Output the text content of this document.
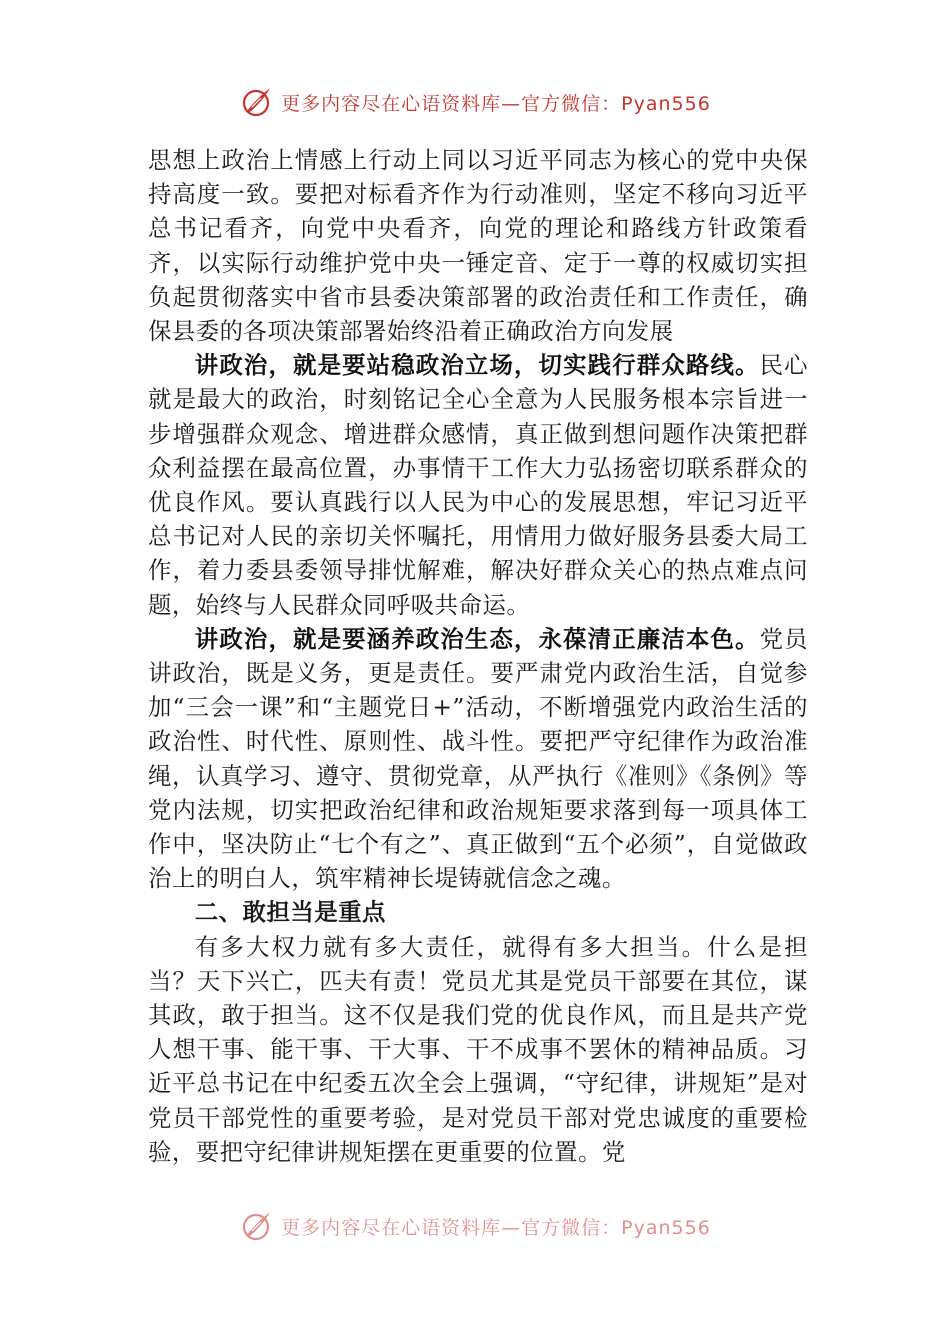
更多内容尽在心语资料库—官方微信：Pyan556

思想上政治上情感上行动上同以习近平同志为核心的党中央保持高度一致。要把对标看齐作为行动准则，坚定不移向习近平总书记看齐，向党中央看齐，向党的理论和路线方针政策看齐，以实际行动维护党中央一锤定音、定于一尊的权威切实担负起贯彻落实中省市县委决策部署的政治责任和工作责任，确保县委的各项决策部署始终沿着正确政治方向发展

讲政治，就是要站稳政治立场，切实践行群众路线。民心就是最大的政治，时刻铭记全心全意为人民服务根本宗旨进一步增强群众观念、增进群众感情，真正做到想问题作决策把群众利益摆在最高位置，办事情干工作大力弘扬密切联系群众的优良作风。要认真践行以人民为中心的发展思想，牢记习近平总书记对人民的亲切关怀嘱托，用情用力做好服务县委大局工作，着力委县委领导排忧解难，解决好群众关心的热点难点问题，始终与人民群众同呼吸共命运。

讲政治，就是要涵养政治生态，永葆清正廉洁本色。党员讲政治，既是义务，更是责任。要严肃党内政治生活，自觉参加“三会一课”和“主题党日+”活动，不断增强党内政治生活的政治性、时代性、原则性、战斗性。要把严守纪律作为政治准绳，认真学习、遵守、贯彻党章，从严执行《准则》《条例》等党内法规，切实把政治纪律和政治规矩要求落到每一项具体工作中，坚决防止“七个有之”、真正做到“五个必须”，自觉做政治上的明白人，筑牢精神长堤铸就信念之魂。

二、敢担当是重点

有多大权力就有多大责任，就得有多大担当。什么是担当？天下兴亡，匹夫有责！党员尤其是党员干部要在其位，谋其政，敢于担当。这不仅是我们党的优良作风，而且是共产党人想干事、能干事、干大事、干不成事不罢休的精神品质。习近平总书记在中纪委五次全会上强调，“守纪律，讲规矩”是对党员干部党性的重要考验，是对党员干部对党忠诚度的重要检验，要把守纪律讲规矩摆在更重要的位置。党

更多内容尽在心语资料库—官方微信：Pyan556
